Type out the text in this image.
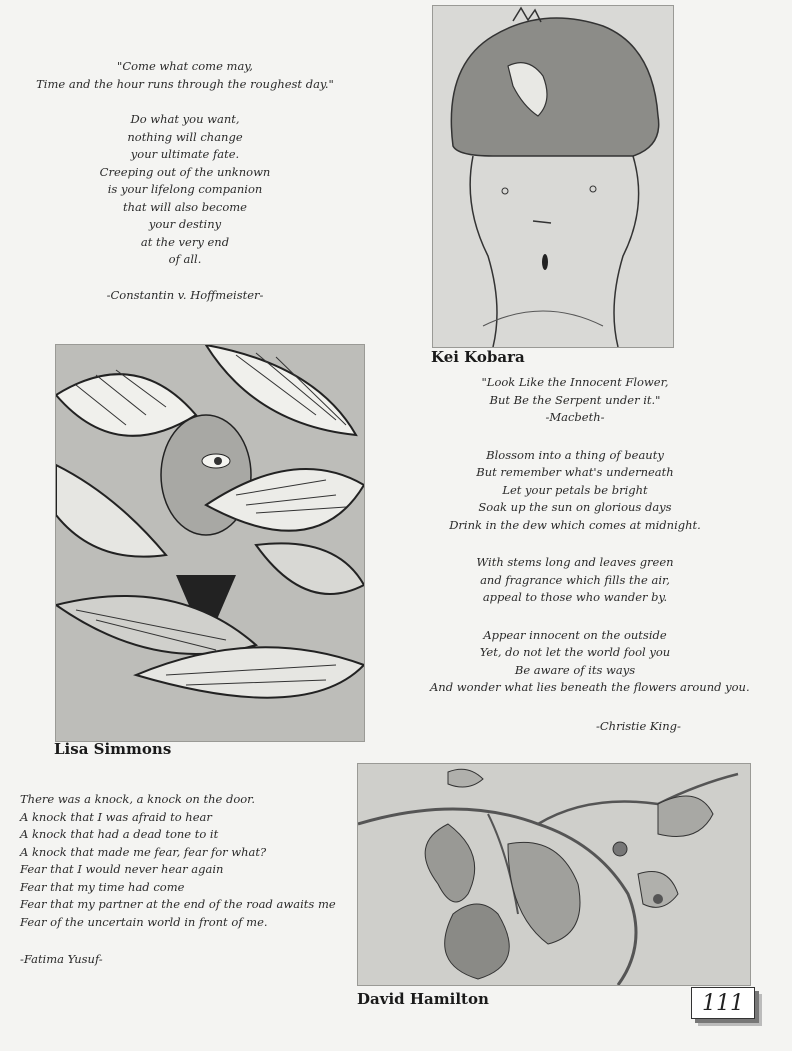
"Come what come may,
Time and the hour runs through the roughest day."
Do what you want,
nothing will change
your ultimate fate.
Creeping out of the unknown
is your lifelong companion
that will also become
your destiny
at the very end
of all.
-Constantin v. Hoffmeister-
Kei Kobara
Lisa Simmons
"Look Like the Innocent Flower,
But Be the Serpent under it."
-Macbeth-
Blossom into a thing of beauty
But remember what's underneath
Let your petals be bright
Soak up the sun on glorious days
Drink in the dew which comes at midnight.
With stems long and leaves green
and fragrance which fills the air,
appeal to those who wander by.
Appear innocent on the outside
Yet, do not let the world fool you
Be aware of its ways
And wonder what lies beneath the flowers around you.
-Christie King-
There was a knock, a knock on the door.
A knock that I was afraid to hear
A knock that had a dead tone to it
A knock that made me fear, fear for what?
Fear that I would never hear again
Fear that my time had come
Fear that my partner at the end of the road awaits me
Fear of the uncertain world in front of me.
-Fatima Yusuf-
David Hamilton	111
